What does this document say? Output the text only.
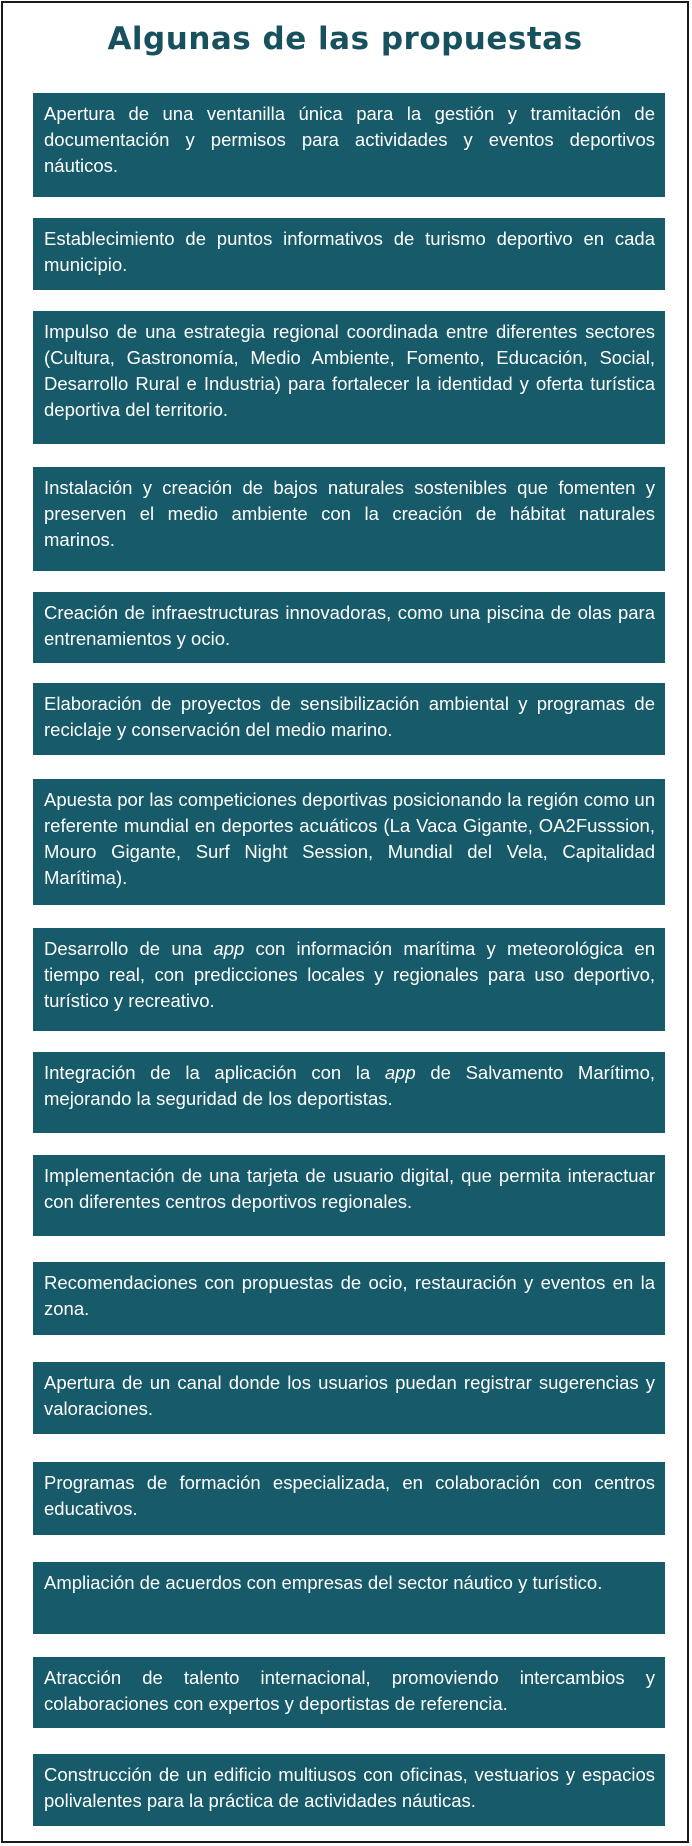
Algunas de las propuestas
Apertura de una ventanilla única para la gestión y tramitación de documentación y permisos para actividades y eventos deportivos náuticos.
Establecimiento de puntos informativos de turismo deportivo en cada municipio.
Impulso de una estrategia regional coordinada entre diferentes sectores (Cultura, Gastronomía, Medio Ambiente, Fomento, Educación, Social, Desarrollo Rural e Industria) para fortalecer la identidad y oferta turística deportiva del territorio.
Instalación y creación de bajos naturales sostenibles que fomenten y preserven el medio ambiente con la creación de hábitat naturales marinos.
Creación de infraestructuras innovadoras, como una piscina de olas para entrenamientos y ocio.
Elaboración de proyectos de sensibilización ambiental y programas de reciclaje y conservación del medio marino.
Apuesta por las competiciones deportivas posicionando la región como un referente mundial en deportes acuáticos (La Vaca Gigante, OA2Fusssion, Mouro Gigante, Surf Night Session, Mundial del Vela, Capitalidad Marítima).
Desarrollo de una app con información marítima y meteorológica en tiempo real, con predicciones locales y regionales para uso deportivo, turístico y recreativo.
Integración de la aplicación con la app de Salvamento Marítimo, mejorando la seguridad de los deportistas.
Implementación de una tarjeta de usuario digital, que permita interactuar con diferentes centros deportivos regionales.
Recomendaciones con propuestas de ocio, restauración y eventos en la zona.
Apertura de un canal donde los usuarios puedan registrar sugerencias y valoraciones.
Programas de formación especializada, en colaboración con centros educativos.
Ampliación de acuerdos con empresas del sector náutico y turístico.
Atracción de talento internacional, promoviendo intercambios y colaboraciones con expertos y deportistas de referencia.
Construcción de un edificio multiusos con oficinas, vestuarios y espacios polivalentes para la práctica de actividades náuticas.
